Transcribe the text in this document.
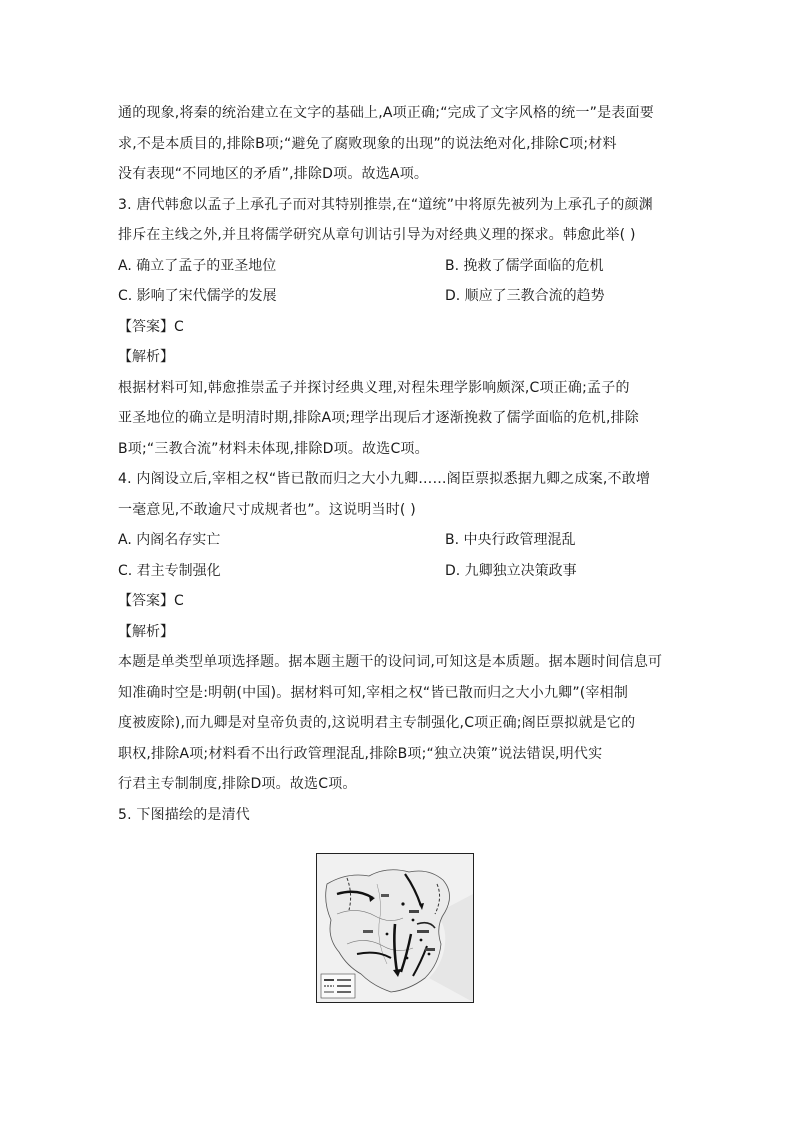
通的现象,将秦的统治建立在文字的基础上,A项正确;“完成了文字风格的统一”是表面要
求,不是本质目的,排除B项;“避免了腐败现象的出现”的说法绝对化,排除C项;材料
没有表现“不同地区的矛盾”,排除D项。故选A项。
3. 唐代韩愈以孟子上承孔子而对其特别推崇,在“道统”中将原先被列为上承孔子的颜渊
排斥在主线之外,并且将儒学研究从章句训诂引导为对经典义理的探求。韩愈此举( )
A. 确立了孟子的亚圣地位	B. 挽救了儒学面临的危机
C. 影响了宋代儒学的发展	D. 顺应了三教合流的趋势
【答案】C
【解析】
根据材料可知,韩愈推崇孟子并探讨经典义理,对程朱理学影响颇深,C项正确;孟子的
亚圣地位的确立是明清时期,排除A项;理学出现后才逐渐挽救了儒学面临的危机,排除
B项;“三教合流”材料未体现,排除D项。故选C项。
4. 内阁设立后,宰相之权“皆已散而归之大小九卿……阁臣票拟悉据九卿之成案,不敢增
一毫意见,不敢逾尺寸成规者也”。这说明当时( )
A. 内阁名存实亡	B. 中央行政管理混乱
C. 君主专制强化	D. 九卿独立决策政事
【答案】C
【解析】
本题是单类型单项选择题。据本题主题干的设问词,可知这是本质题。据本题时间信息可
知准确时空是:明朝(中国)。据材料可知,宰相之权“皆已散而归之大小九卿”(宰相制
度被废除),而九卿是对皇帝负责的,这说明君主专制强化,C项正确;阁臣票拟就是它的
职权,排除A项;材料看不出行政管理混乱,排除B项;“独立决策”说法错误,明代实
行君主专制制度,排除D项。故选C项。
5. 下图描绘的是清代
